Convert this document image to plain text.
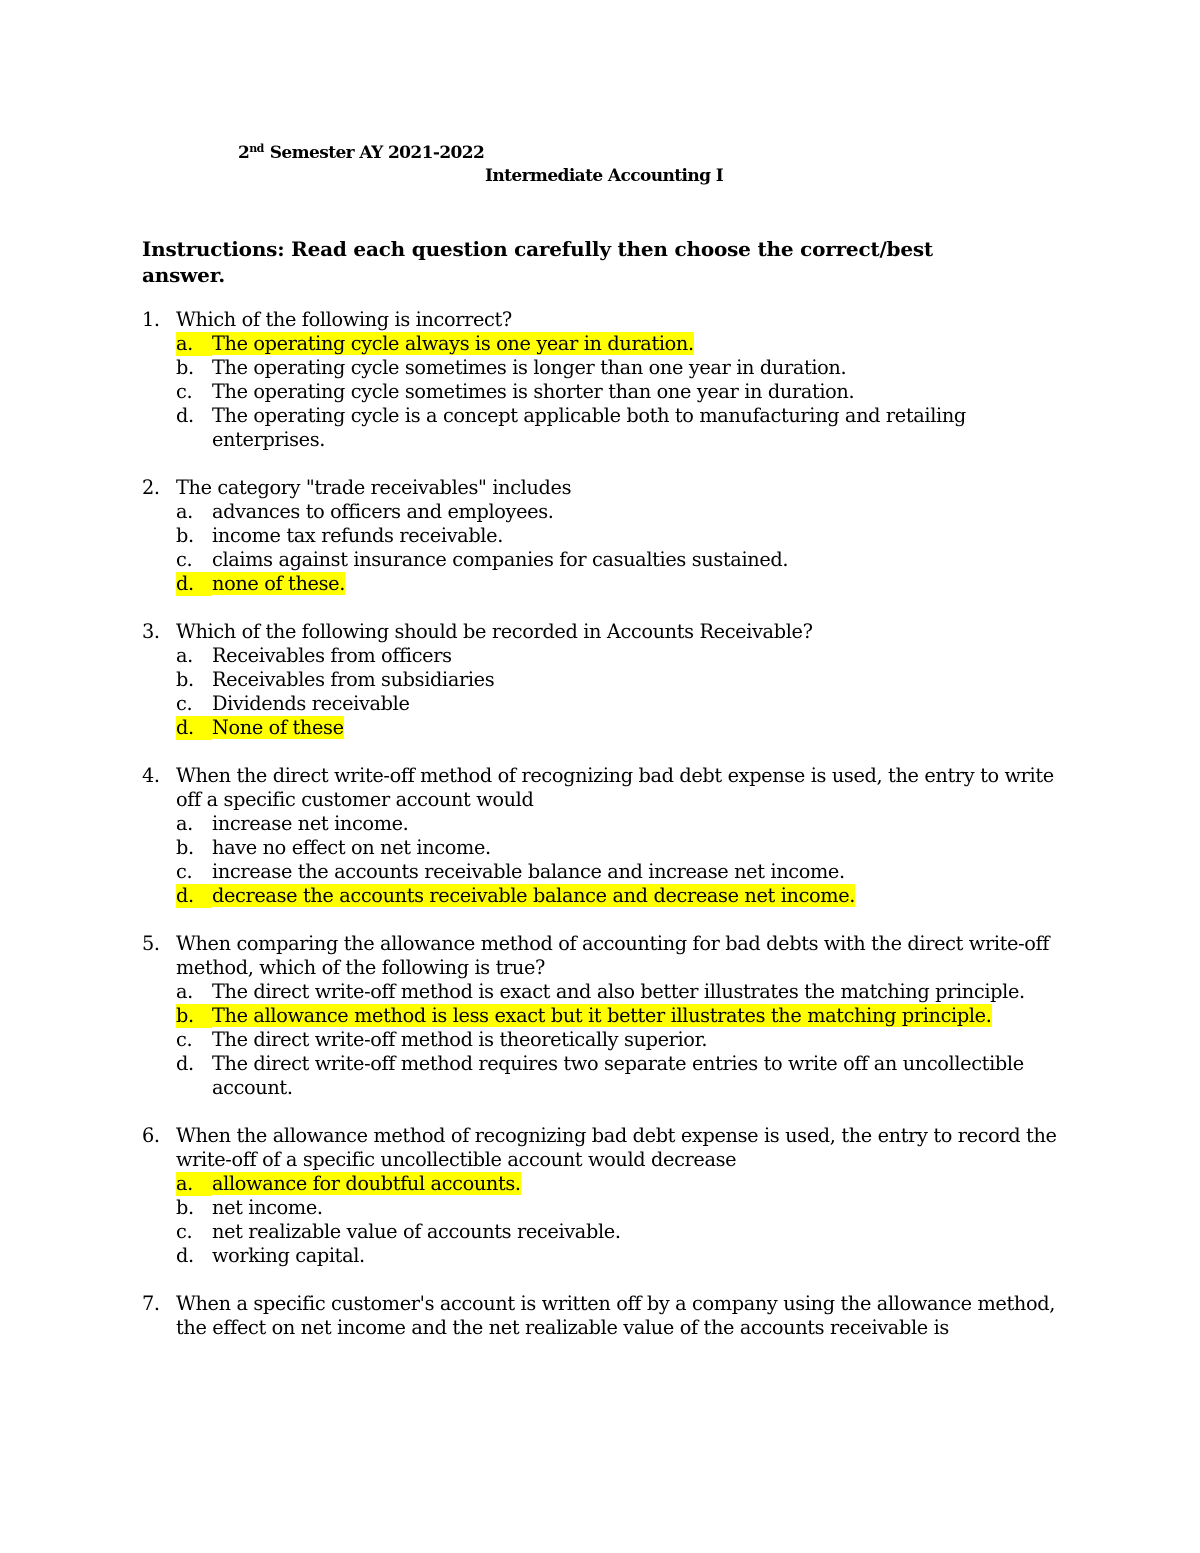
2nd Semester AY 2021-2022
Intermediate Accounting I
Instructions: Read each question carefully then choose the correct/best answer.
1. Which of the following is incorrect?
a. The operating cycle always is one year in duration.
b. The operating cycle sometimes is longer than one year in duration.
c.	The operating cycle sometimes is shorter than one year in duration.
d. The operating cycle is a concept applicable both to manufacturing and retailing enterprises.
2. The category "trade receivables" includes
a. advances to officers and employees.
b. income tax refunds receivable.
c.	claims against insurance companies for casualties sustained.
d. none of these.
3. Which of the following should be recorded in Accounts Receivable?
a. Receivables from officers
b. Receivables from subsidiaries
c.	Dividends receivable
d. None of these
4. When the direct write-off method of recognizing bad debt expense is used, the entry to write off a specific customer account would
a. increase net income.
b. have no effect on net income.
c.	increase the accounts receivable balance and increase net income.
d. decrease the accounts receivable balance and decrease net income.
5. When comparing the allowance method of accounting for bad debts with the direct write-off method, which of the following is true?
a. The direct write-off method is exact and also better illustrates the matching principle.
b. The allowance method is less exact but it better illustrates the matching principle.
c.	The direct write-off method is theoretically superior.
d. The direct write-off method requires two separate entries to write off an uncollectible account.
6. When the allowance method of recognizing bad debt expense is used, the entry to record the write-off of a specific uncollectible account would decrease
a. allowance for doubtful accounts.
b. net income.
c.	net realizable value of accounts receivable.
d. working capital.
7. When a specific customer's account is written off by a company using the allowance method, the effect on net income and the net realizable value of the accounts receivable is
